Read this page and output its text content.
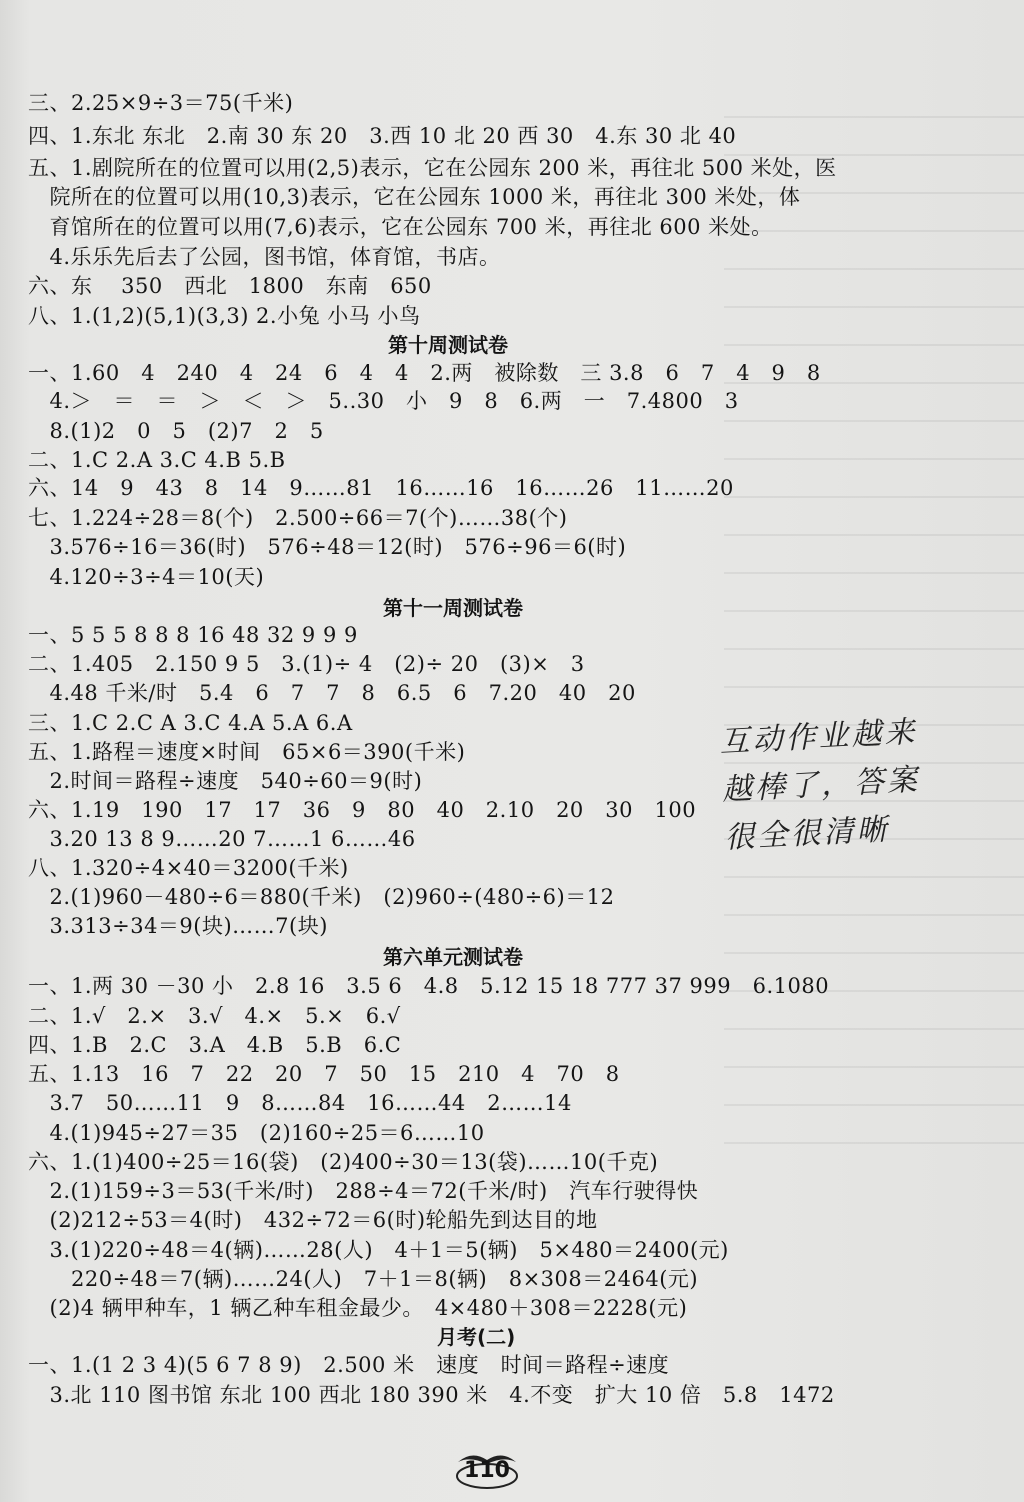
三、2.25×9÷3＝75(千米)
四、1.东北 东北　2.南 30 东 20　3.西 10 北 20 西 30　4.东 30 北 40
五、1.剧院所在的位置可以用(2,5)表示，它在公园东 200 米，再往北 500 米处，医
　院所在的位置可以用(10,3)表示，它在公园东 1000 米，再往北 300 米处，体
　育馆所在的位置可以用(7,6)表示，它在公园东 700 米，再往北 600 米处。
　4.乐乐先后去了公园，图书馆，体育馆，书店。
六、东　 350　西北　1800　东南　650
八、1.(1,2)(5,1)(3,3) 2.小兔 小马 小鸟
第十周测试卷
一、1.60　4　240　4　24　6　4　4　2.两　被除数　三 3.8　6　7　4　9　8
　4.＞　＝　＝　＞　＜　＞　5..30　小　9　8　6.两　一　7.4800　3
　8.(1)2　0　5　(2)7　2　5
二、1.C 2.A 3.C 4.B 5.B
六、14　9　43　8　14　9……81　16……16　16……26　11……20
七、1.224÷28＝8(个)　2.500÷66＝7(个)……38(个)
　3.576÷16＝36(时)　576÷48＝12(时)　576÷96＝6(时)
　4.120÷3÷4＝10(天)
第十一周测试卷
一、5 5 5 8 8 8 16 48 32 9 9 9
二、1.405　2.150 9 5　3.(1)÷ 4　(2)÷ 20　(3)×　3
　4.48 千米/时　5.4　6　7　7　8　6.5　6　7.20　40　20
三、1.C 2.C A 3.C 4.A 5.A 6.A
五、1.路程＝速度×时间　65×6＝390(千米)
　2.时间＝路程÷速度　540÷60＝9(时)
六、1.19　190　17　17　36　9　80　40　2.10　20　30　100
　3.20 13 8 9……20 7……1 6……46
八、1.320÷4×40＝3200(千米)
　2.(1)960－480÷6＝880(千米)　(2)960÷(480÷6)＝12
　3.313÷34＝9(块)……7(块)
第六单元测试卷
一、1.两 30 －30 小　2.8 16　3.5 6　4.8　5.12 15 18 777 37 999　6.1080
二、1.√　2.×　3.√　4.×　5.×　6.√
四、1.B　2.C　3.A　4.B　5.B　6.C
五、1.13　16　7　22　20　7　50　15　210　4　70　8
　3.7　50……11　9　8……84　16……44　2……14
　4.(1)945÷27＝35　(2)160÷25＝6……10
六、1.(1)400÷25＝16(袋)　(2)400÷30＝13(袋)……10(千克)
　2.(1)159÷3＝53(千米/时)　288÷4＝72(千米/时)　汽车行驶得快
　(2)212÷53＝4(时)　432÷72＝6(时)轮船先到达目的地
　3.(1)220÷48＝4(辆)……28(人)　4＋1＝5(辆)　5×480＝2400(元)
　　220÷48＝7(辆)……24(人)　7＋1＝8(辆)　8×308＝2464(元)
　(2)4 辆甲种车，1 辆乙种车租金最少。　4×480＋308＝2228(元)
月考(二)
一、1.(1 2 3 4)(5 6 7 8 9)　2.500 米　速度　时间＝路程÷速度
　3.北 110 图书馆 东北 100 西北 180 390 米　4.不变　扩大 10 倍　5.8　1472
互动作业越来
越棒了，答案
很全很清晰
110
